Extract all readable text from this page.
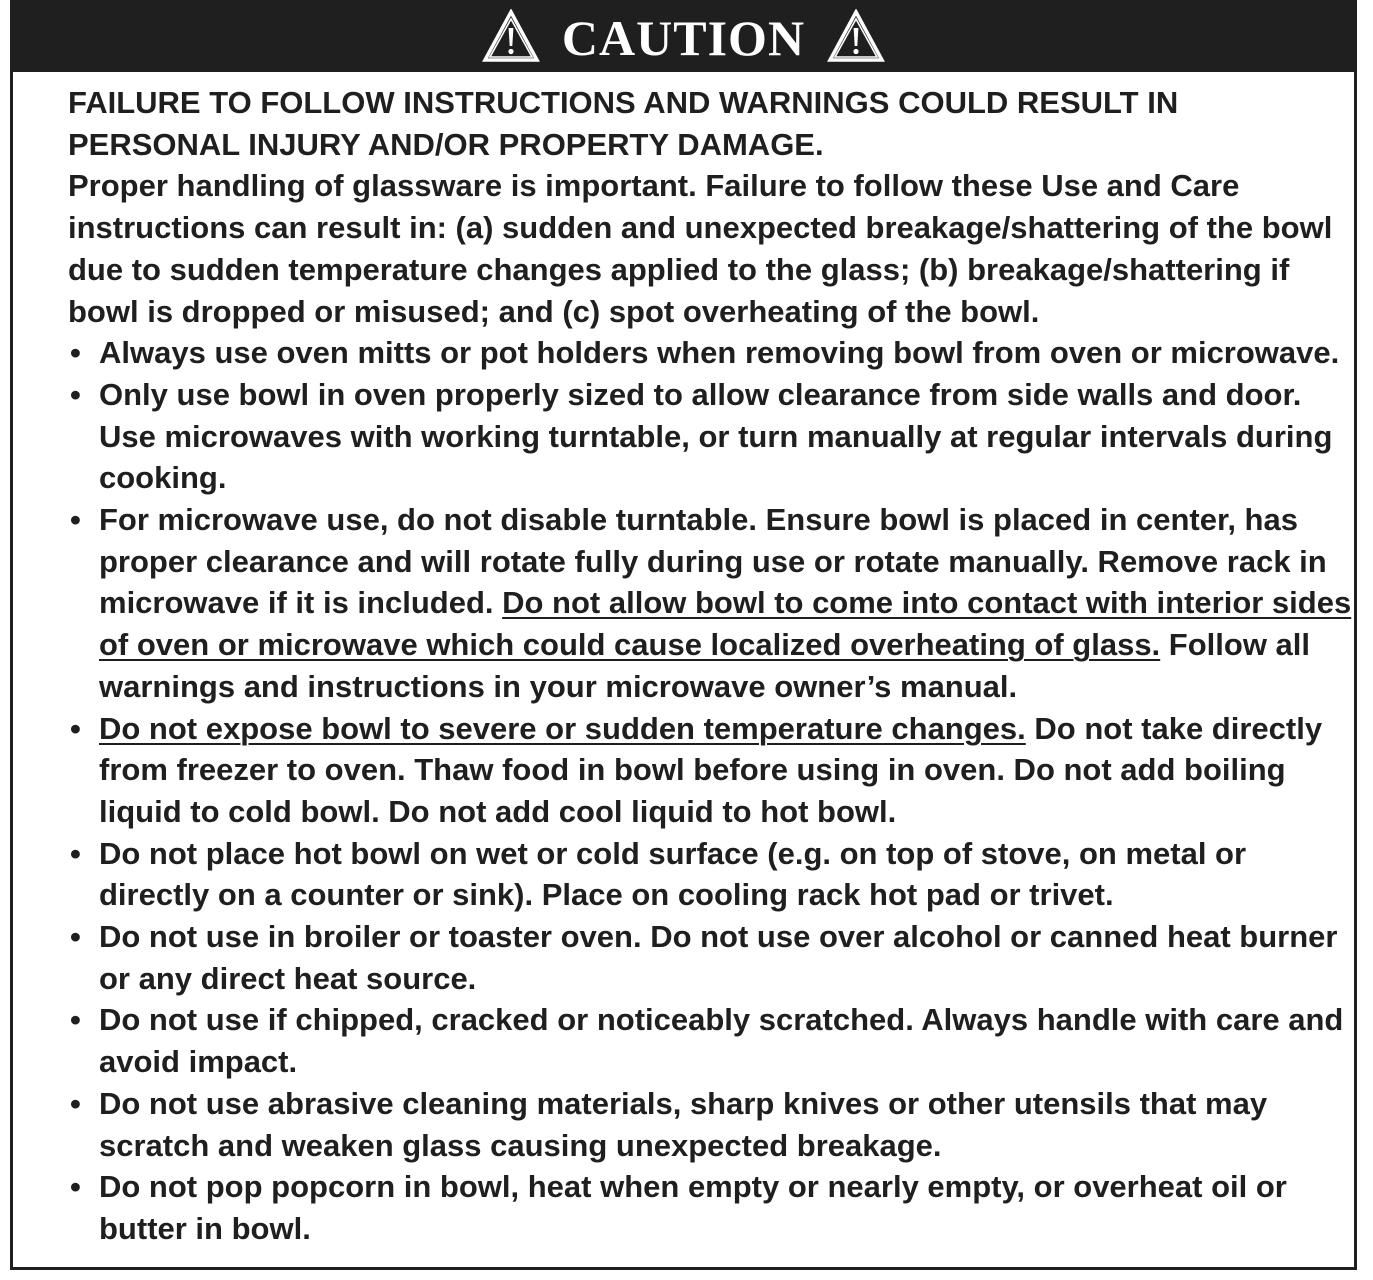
CAUTION

FAILURE TO FOLLOW INSTRUCTIONS AND WARNINGS COULD RESULT IN PERSONAL INJURY AND/OR PROPERTY DAMAGE.

Proper handling of glassware is important. Failure to follow these Use and Care instructions can result in: (a) sudden and unexpected breakage/shattering of the bowl due to sudden temperature changes applied to the glass; (b) breakage/shattering if bowl is dropped or misused; and (c) spot overheating of the bowl.

• Always use oven mitts or pot holders when removing bowl from oven or microwave.
• Only use bowl in oven properly sized to allow clearance from side walls and door. Use microwaves with working turntable, or turn manually at regular intervals during cooking.
• For microwave use, do not disable turntable. Ensure bowl is placed in center, has proper clearance and will rotate fully during use or rotate manually. Remove rack in microwave if it is included. Do not allow bowl to come into contact with interior sides of oven or microwave which could cause localized overheating of glass. Follow all warnings and instructions in your microwave owner’s manual.
• Do not expose bowl to severe or sudden temperature changes. Do not take directly from freezer to oven. Thaw food in bowl before using in oven. Do not add boiling liquid to cold bowl. Do not add cool liquid to hot bowl.
• Do not place hot bowl on wet or cold surface (e.g. on top of stove, on metal or directly on a counter or sink). Place on cooling rack hot pad or trivet.
• Do not use in broiler or toaster oven. Do not use over alcohol or canned heat burner or any direct heat source.
• Do not use if chipped, cracked or noticeably scratched. Always handle with care and avoid impact.
• Do not use abrasive cleaning materials, sharp knives or other utensils that may scratch and weaken glass causing unexpected breakage.
• Do not pop popcorn in bowl, heat when empty or nearly empty, or overheat oil or butter in bowl.
